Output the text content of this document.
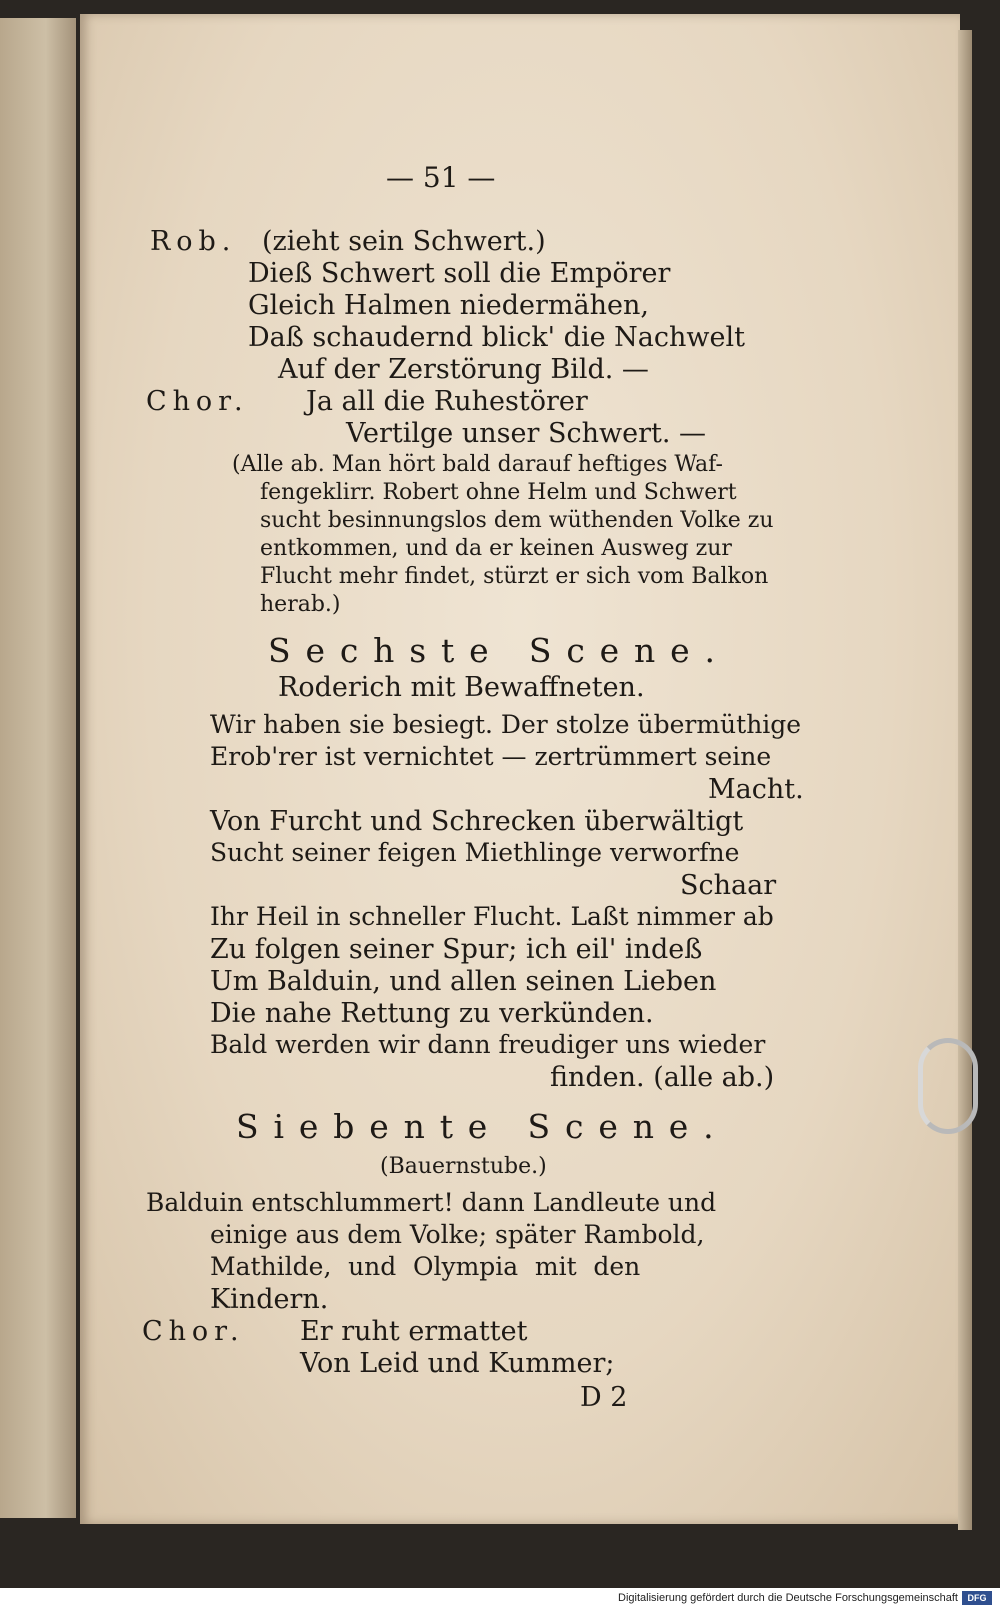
— 51 —
Rob. (zieht sein Schwert.)
Dieß Schwert soll die Empörer
Gleich Halmen niedermähen,
Daß schaudernd blick' die Nachwelt
Auf der Zerstörung Bild. —
Chor. Ja all die Ruhestörer
Vertilge unser Schwert. —
(Alle ab. Man hört bald darauf heftiges Waf-
fengeklirr. Robert ohne Helm und Schwert
sucht besinnungslos dem wüthenden Volke zu
entkommen, und da er keinen Ausweg zur
Flucht mehr findet, stürzt er sich vom Balkon
herab.)
Sechste Scene.
Roderich mit Bewaffneten.
Wir haben sie besiegt. Der stolze übermüthige
Erob'rer ist vernichtet — zertrümmert seine
Macht.
Von Furcht und Schrecken überwältigt
Sucht seiner feigen Miethlinge verworfne
Schaar
Ihr Heil in schneller Flucht. Laßt nimmer ab
Zu folgen seiner Spur; ich eil' indeß
Um Balduin, und allen seinen Lieben
Die nahe Rettung zu verkünden.
Bald werden wir dann freudiger uns wieder
finden. (alle ab.)
Siebente Scene.
(Bauernstube.)
Balduin entschlummert! dann Landleute und
einige aus dem Volke; später Rambold,
Mathilde, und Olympia mit den
Kindern.
Chor. Er ruht ermattet
Von Leid und Kummer;
D 2
Digitalisierung gefördert durch die Deutsche Forschungsgemeinschaft	DFG
